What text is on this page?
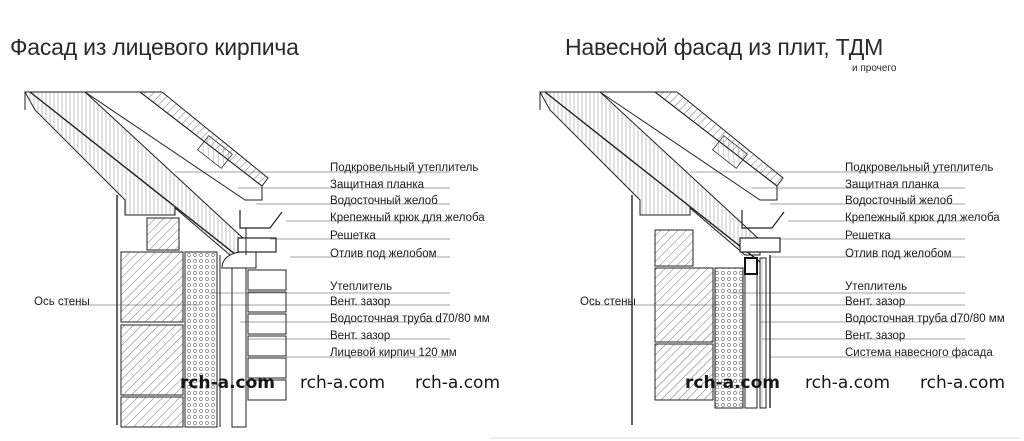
Фасад из лицевого кирпича	Навесной фасад из плит, ТДМ
и прочего
Подкровельный утеплитель
Защитная планка
Водосточный желоб
Крепежный крюк для желоба
Решетка
Отлив под желобом
Утеплитель
Вент. зазор
Водосточная труба d70/80 мм
Вент. зазор
Лицевой кирпич 120 мм
Ось стены
Подкровельный утеплитель
Защитная планка
Водосточный желоб
Крепежный крюк для желоба
Решетка
Отлив под желобом
Утеплитель
Вент. зазор
Водосточная труба d70/80 мм
Вент. зазор
Система навесного фасада
Ось стены
rch-a.com rch-a.com rch-a.com	rch-a.com rch-a.com rch-a.com
